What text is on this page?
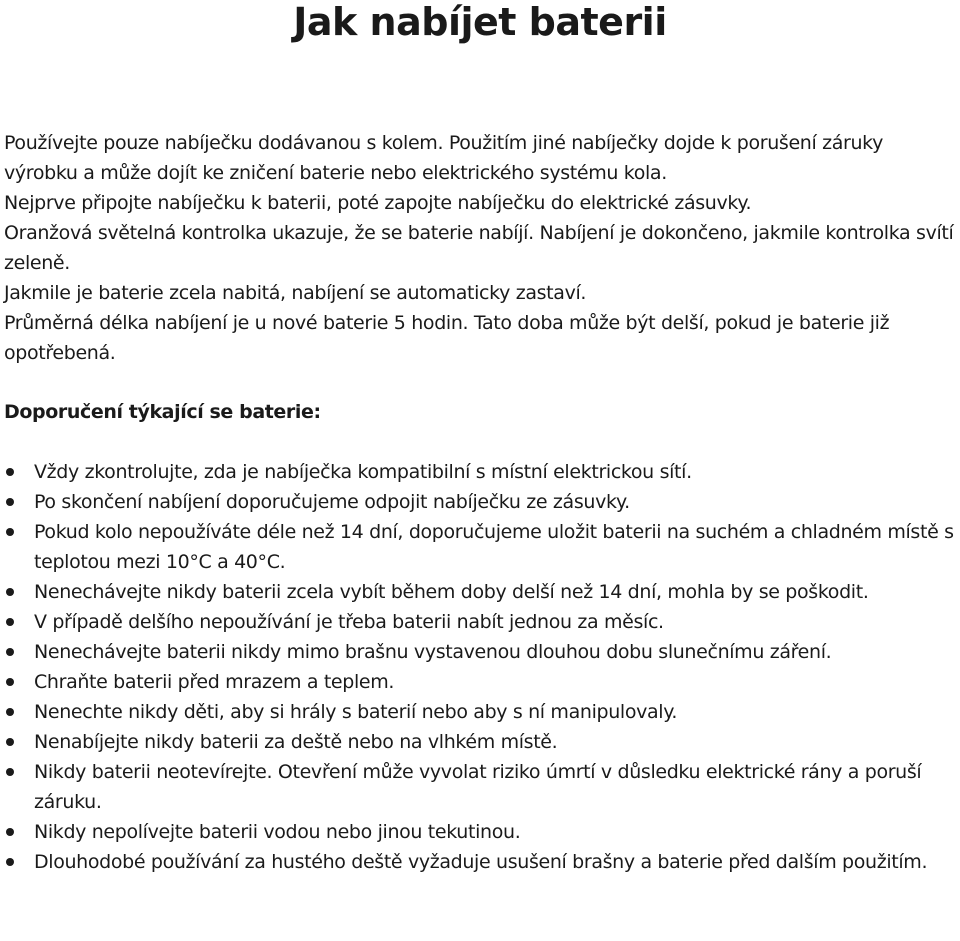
Jak nabíjet baterii

Používejte pouze nabíječku dodávanou s kolem. Použitím jiné nabíječky dojde k porušení záruky výrobku a může dojít ke zničení baterie nebo elektrického systému kola.

Nejprve připojte nabíječku k baterii, poté zapojte nabíječku do elektrické zásuvky.

Oranžová světelná kontrolka ukazuje, že se baterie nabíjí. Nabíjení je dokončeno, jakmile kontrolka svítí zeleně.

Jakmile je baterie zcela nabitá, nabíjení se automaticky zastaví.

Průměrná délka nabíjení je u nové baterie 5 hodin. Tato doba může být delší, pokud je baterie již opotřebená.

Doporučení týkající se baterie:
Vždy zkontrolujte, zda je nabíječka kompatibilní s místní elektrickou sítí.
Po skončení nabíjení doporučujeme odpojit nabíječku ze zásuvky.
Pokud kolo nepoužíváte déle než 14 dní, doporučujeme uložit baterii na suchém a chladném místě s teplotou mezi 10°C a 40°C.
Nenechávejte nikdy baterii zcela vybít během doby delší než 14 dní, mohla by se poškodit.
V případě delšího nepoužívání je třeba baterii nabít jednou za měsíc.
Nenechávejte baterii nikdy mimo brašnu vystavenou dlouhou dobu slunečnímu záření.
Chraňte baterii před mrazem a teplem.
Nenechte nikdy děti, aby si hrály s baterií nebo aby s ní manipulovaly.
Nenabíjejte nikdy baterii za deště nebo na vlhkém místě.
Nikdy baterii neotevírejte. Otevření může vyvolat riziko úmrtí v důsledku elektrické rány a poruší záruku.
Nikdy nepolívejte baterii vodou nebo jinou tekutinou.
Dlouhodobé používání za hustého deště vyžaduje usušení brašny a baterie před dalším použitím.
